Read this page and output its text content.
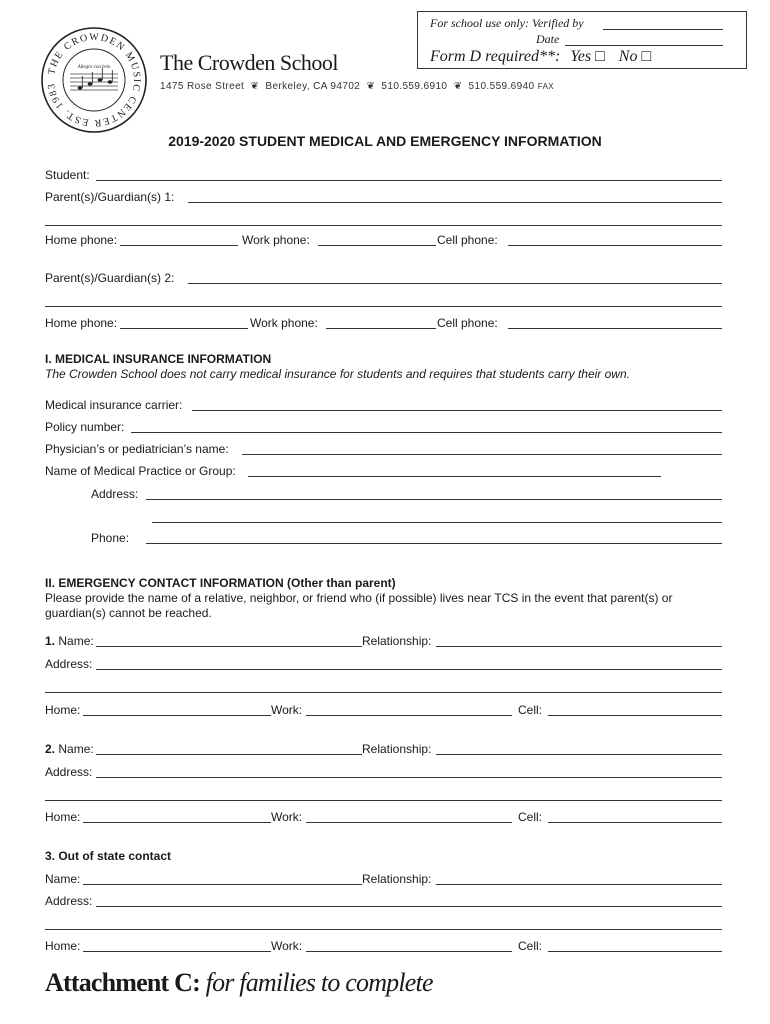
THE CROWDEN MUSIC CENTER EST. 1983
Allegro con brio The Crowden School
1475 Rose Street ❦ Berkeley, CA 94702 ❦ 510.559.6910 ❦ 510.559.6940 FAX
For school use only: Verified by
Date
Form D required**: Yes □ No □
2019-2020 STUDENT MEDICAL AND EMERGENCY INFORMATION
Student:
Parent(s)/Guardian(s) 1:
Home phone:	Work phone:	Cell phone:
Parent(s)/Guardian(s) 2:
Home phone:	Work phone:	Cell phone:
I. MEDICAL INSURANCE INFORMATION
The Crowden School does not carry medical insurance for students and requires that students carry their own.
Medical insurance carrier:
Policy number:
Physician’s or pediatrician’s name:
Name of Medical Practice or Group:
Address:
Phone:
II. EMERGENCY CONTACT INFORMATION (Other than parent)
Please provide the name of a relative, neighbor, or friend who (if possible) lives near TCS in the event that parent(s) or
guardian(s) cannot be reached.
1. Name:	Relationship:
Address:
Home:	Work:	Cell:
2. Name:	Relationship:
Address:
Home:	Work:	Cell:
3. Out of state contact
Name:	Relationship:
Address:
Home:	Work:	Cell:
Attachment C: for families to complete
